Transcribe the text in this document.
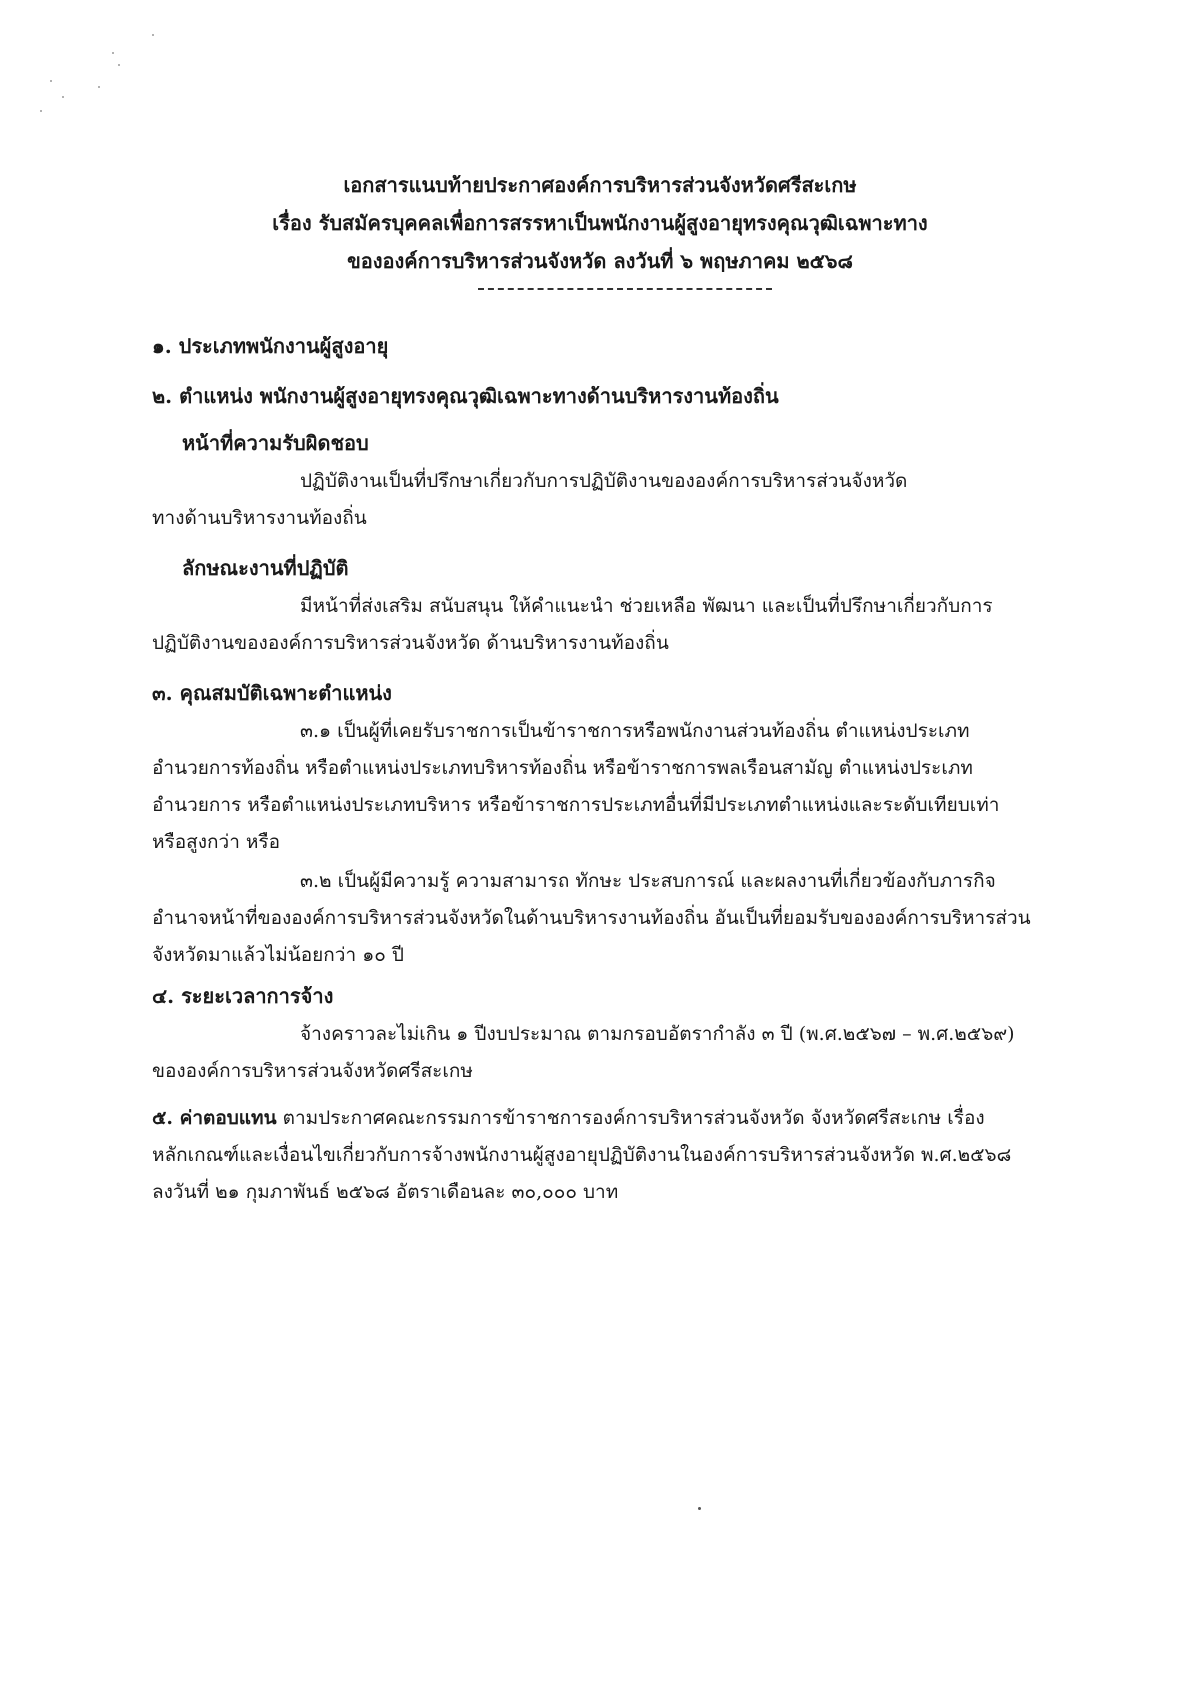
เอกสารแนบท้ายประกาศองค์การบริหารส่วนจังหวัดศรีสะเกษ
เรื่อง รับสมัครบุคคลเพื่อการสรรหาเป็นพนักงานผู้สูงอายุทรงคุณวุฒิเฉพาะทาง
ขององค์การบริหารส่วนจังหวัด ลงวันที่ ๖ พฤษภาคม ๒๕๖๘
๑. ประเภทพนักงานผู้สูงอายุ
๒. ตำแหน่ง พนักงานผู้สูงอายุทรงคุณวุฒิเฉพาะทางด้านบริหารงานท้องถิ่น
หน้าที่ความรับผิดชอบ
ปฏิบัติงานเป็นที่ปรึกษาเกี่ยวกับการปฏิบัติงานขององค์การบริหารส่วนจังหวัด
ทางด้านบริหารงานท้องถิ่น
ลักษณะงานที่ปฏิบัติ
มีหน้าที่ส่งเสริม สนับสนุน ให้คำแนะนำ ช่วยเหลือ พัฒนา และเป็นที่ปรึกษาเกี่ยวกับการ
ปฏิบัติงานขององค์การบริหารส่วนจังหวัด ด้านบริหารงานท้องถิ่น
๓. คุณสมบัติเฉพาะตำแหน่ง
๓.๑ เป็นผู้ที่เคยรับราชการเป็นข้าราชการหรือพนักงานส่วนท้องถิ่น ตำแหน่งประเภท
อำนวยการท้องถิ่น หรือตำแหน่งประเภทบริหารท้องถิ่น หรือข้าราชการพลเรือนสามัญ ตำแหน่งประเภท
อำนวยการ หรือตำแหน่งประเภทบริหาร หรือข้าราชการประเภทอื่นที่มีประเภทตำแหน่งและระดับเทียบเท่า
หรือสูงกว่า หรือ
๓.๒ เป็นผู้มีความรู้ ความสามารถ ทักษะ ประสบการณ์ และผลงานที่เกี่ยวข้องกับภารกิจ
อำนาจหน้าที่ขององค์การบริหารส่วนจังหวัดในด้านบริหารงานท้องถิ่น อันเป็นที่ยอมรับขององค์การบริหารส่วน
จังหวัดมาแล้วไม่น้อยกว่า ๑๐ ปี
๔. ระยะเวลาการจ้าง
จ้างคราวละไม่เกิน ๑ ปีงบประมาณ ตามกรอบอัตรากำลัง ๓ ปี (พ.ศ.๒๕๖๗ – พ.ศ.๒๕๖๙)
ขององค์การบริหารส่วนจังหวัดศรีสะเกษ
๕. ค่าตอบแทน ตามประกาศคณะกรรมการข้าราชการองค์การบริหารส่วนจังหวัด จังหวัดศรีสะเกษ เรื่อง
หลักเกณฑ์และเงื่อนไขเกี่ยวกับการจ้างพนักงานผู้สูงอายุปฏิบัติงานในองค์การบริหารส่วนจังหวัด พ.ศ.๒๕๖๘
ลงวันที่ ๒๑ กุมภาพันธ์ ๒๕๖๘ อัตราเดือนละ ๓๐,๐๐๐ บาท
